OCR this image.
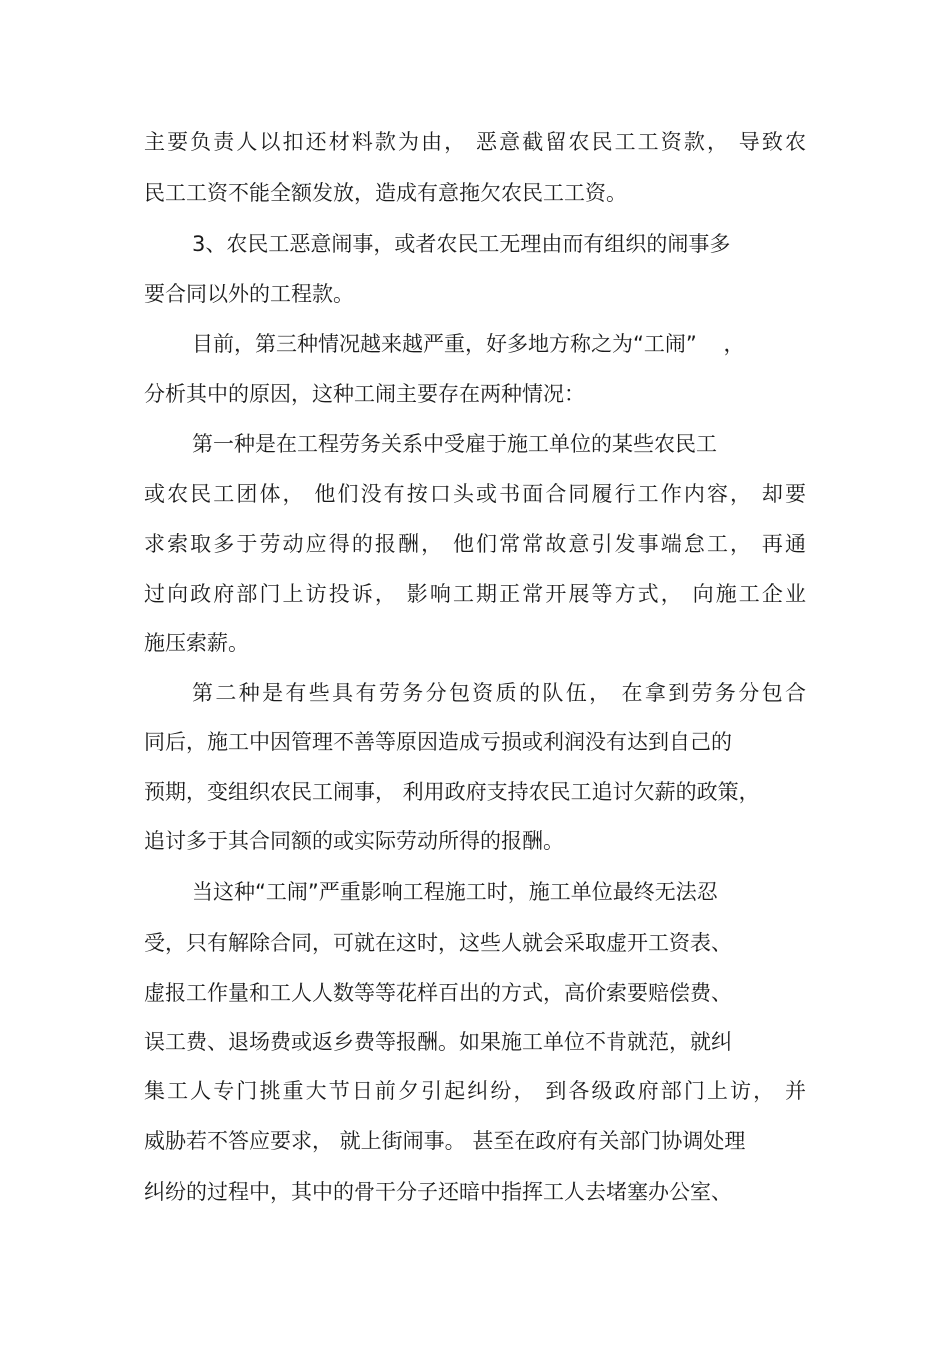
主要负责人以扣还材料款为由， 恶意截留农民工工资款， 导致农
民工工资不能全额发放，造成有意拖欠农民工工资。
3、农民工恶意闹事，或者农民工无理由而有组织的闹事多
要合同以外的工程款。
目前，第三种情况越来越严重，好多地方称之为“工闹”    ，
分析其中的原因，这种工闹主要存在两种情况：
第一种是在工程劳务关系中受雇于施工单位的某些农民工
或农民工团体， 他们没有按口头或书面合同履行工作内容， 却要
求索取多于劳动应得的报酬， 他们常常故意引发事端怠工， 再通
过向政府部门上访投诉， 影响工期正常开展等方式， 向施工企业
施压索薪。
第二种是有些具有劳务分包资质的队伍， 在拿到劳务分包合
同后，施工中因管理不善等原因造成亏损或利润没有达到自己的
预期，变组织农民工闹事， 利用政府支持农民工追讨欠薪的政策，
追讨多于其合同额的或实际劳动所得的报酬。
当这种“工闹”严重影响工程施工时，施工单位最终无法忍
受，只有解除合同，可就在这时，这些人就会采取虚开工资表、
虚报工作量和工人人数等等花样百出的方式，高价索要赔偿费、
误工费、退场费或返乡费等报酬。如果施工单位不肯就范，就纠
集工人专门挑重大节日前夕引起纠纷， 到各级政府部门上访， 并
威胁若不答应要求， 就上街闹事。 甚至在政府有关部门协调处理
纠纷的过程中，其中的骨干分子还暗中指挥工人去堵塞办公室、
